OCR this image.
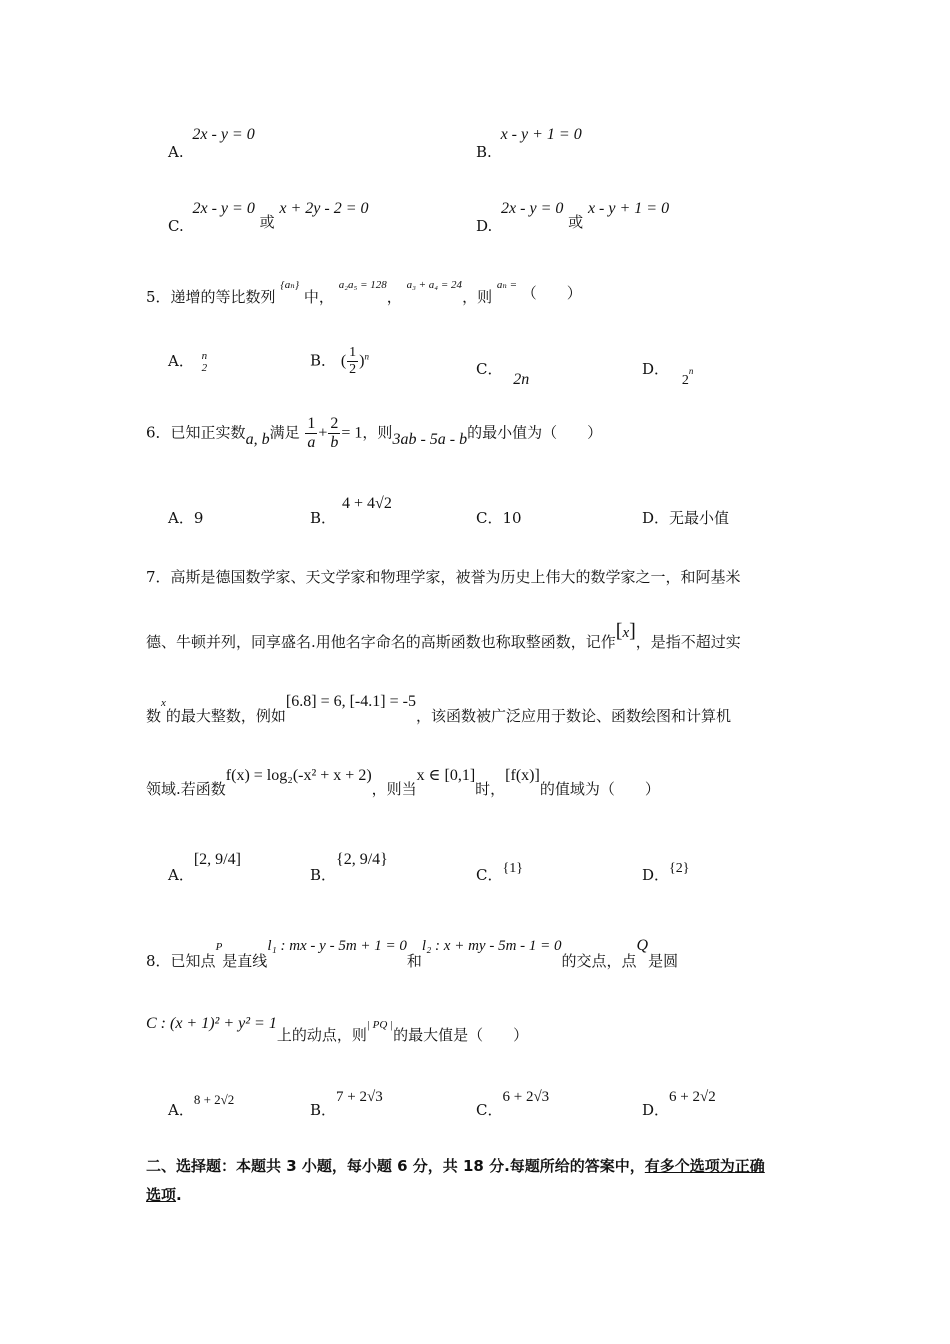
A. 2x - y = 0
B. x - y + 1 = 0
C. 2x - y = 0 或 x + 2y - 2 = 0
D. 2x - y = 0 或 x - y + 1 = 0
5．递增的等比数列 {aₙ} 中， a₂a₅ = 128， a₃ + a₄ = 24，则 aₙ = （　　）
A． n
2	B． ( $\frac{1}{2} )^n$
C． 2n
D． 2$^n$
6．已知正实数a, b满足 $\frac{1}{a} + \frac{2}{b} = 1$，则3ab - 5a - b的最小值为（　　）
A．9	B．4 + 4√2
C．10	D．无最小值
7．高斯是德国数学家、天文学家和物理学家，被誉为历史上伟大的数学家之一，和阿基米
德、牛顿并列，同享盛名.用他名字命名的高斯函数也称取整函数，记作[x]，是指不超过实
数x的最大整数，例如[6.8] = 6, [-4.1] = -5，该函数被广泛应用于数论、函数绘图和计算机
领域.若函数f(x) = log₂(-x² + x + 2)，则当x ∈ [0,1]时，[f(x)]的值域为（　　）
A．[2, 9/4]
B．{2, 9/4}
C．{1}	D．{2}
8．已知点P是直线l₁ : mx - y - 5m + 1 = 0和l₂ : x + my - 5m - 1 = 0的交点，点Q是圆
C : (x + 1)² + y² = 1上的动点，则| PQ |的最大值是（　　）
A．8 + 2√2
B．7 + 2√3
C．6 + 2√3
D．6 + 2√2
二、选择题：本题共 3 小题，每小题 6 分，共 18 分.每题所给的答案中，有多个选项为正确
选项.
